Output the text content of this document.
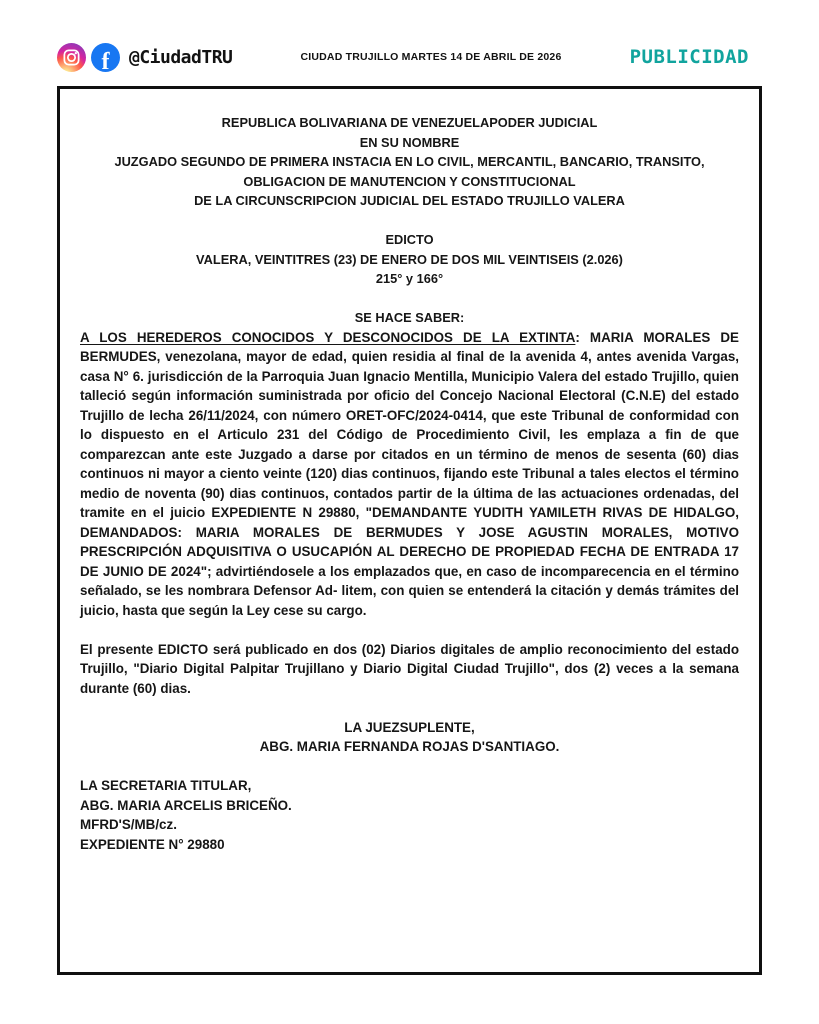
f @CiudadTRU	CIUDAD TRUJILLO MARTES 14 DE ABRIL DE 2026	PUBLICIDAD
REPUBLICA BOLIVARIANA DE VENEZUELAPODER JUDICIAL
EN SU NOMBRE
JUZGADO SEGUNDO DE PRIMERA INSTACIA EN LO CIVIL, MERCANTIL, BANCARIO, TRANSITO,
OBLIGACION DE MANUTENCION Y CONSTITUCIONAL
DE LA CIRCUNSCRIPCION JUDICIAL DEL ESTADO TRUJILLO VALERA
EDICTO
VALERA, VEINTITRES (23) DE ENERO DE DOS MIL VEINTISEIS (2.026)
215° y 166°
SE HACE SABER:

A LOS HEREDEROS CONOCIDOS Y DESCONOCIDOS DE LA EXTINTA: MARIA MORALES DE BERMUDES, venezolana, mayor de edad, quien residia al final de la avenida 4, antes avenida Vargas, casa N° 6. jurisdicción de la Parroquia Juan Ignacio Mentilla, Municipio Valera del estado Trujillo, quien talleció según información suministrada por oficio del Concejo Nacional Electoral (C.N.E) del estado Trujillo de lecha 26/11/2024, con número ORET-OFC/2024-0414, que este Tribunal de conformidad con lo dispuesto en el Articulo 231 del Código de Procedimiento Civil, les emplaza a fin de que comparezcan ante este Juzgado a darse por citados en un término de menos de sesenta (60) dias continuos ni mayor a ciento veinte (120) dias continuos, fijando este Tribunal a tales electos el término medio de noventa (90) dias continuos, contados partir de la última de las actuaciones ordenadas, del tramite en el juicio EXPEDIENTE N 29880, "DEMANDANTE YUDITH YAMILETH RIVAS DE HIDALGO, DEMANDADOS: MARIA MORALES DE BERMUDES Y JOSE AGUSTIN MORALES, MOTIVO PRESCRIPCIÓN ADQUISITIVA O USUCAPIÓN AL DERECHO DE PROPIEDAD FECHA DE ENTRADA 17 DE JUNIO DE 2024"; advirtiéndosele a los emplazados que, en caso de incomparecencia en el término señalado, se les nombrara Defensor Ad- litem, con quien se entenderá la citación y demás trámites del juicio, hasta que según la Ley cese su cargo.

El presente EDICTO será publicado en dos (02) Diarios digitales de amplio reconocimiento del estado Trujillo, "Diario Digital Palpitar Trujillano y Diario Digital Ciudad Trujillo", dos (2) veces a la semana durante (60) dias.

LA JUEZSUPLENTE,
ABG. MARIA FERNANDA ROJAS D'SANTIAGO.
LA SECRETARIA TITULAR,
ABG. MARIA ARCELIS BRICEÑO.
MFRD'S/MB/cz.
EXPEDIENTE N° 29880
